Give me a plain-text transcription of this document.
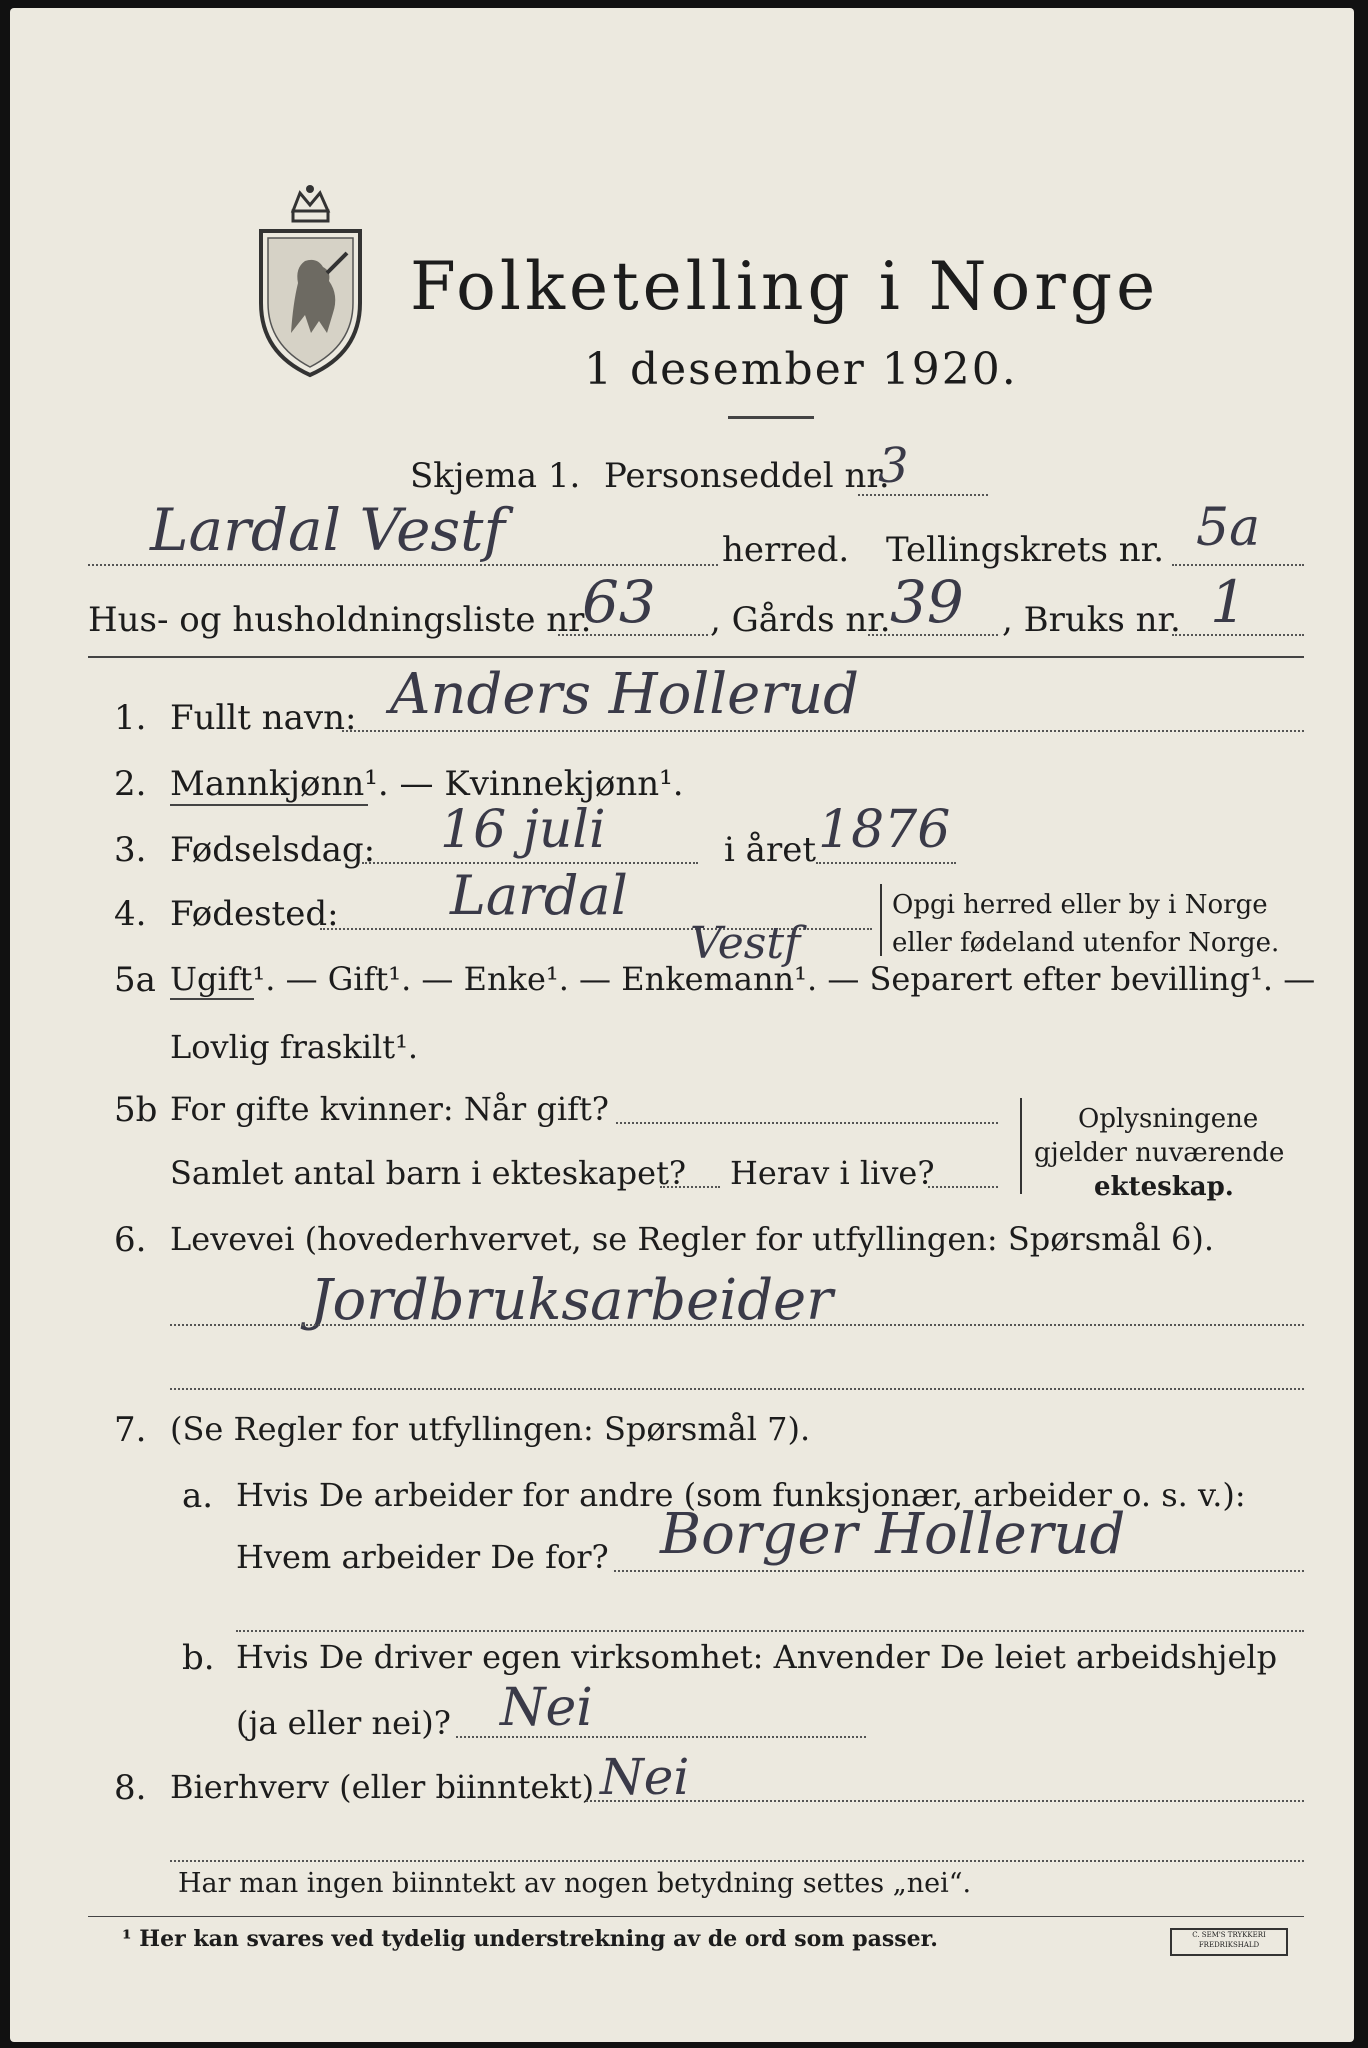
Folketelling i Norge
1 desember 1920.
Skjema 1. Personseddel nr.
3
Lardal Vestf	herred. Tellingskrets nr. 5a
Hus- og husholdningsliste nr.
63 , Gårds nr. 39 , Bruks nr. 1
1. Fullt navn: Anders Hollerud
2. Mannkjønn¹. — Kvinnekjønn¹.
3. Fødselsdag: 16 juli	i året 1876
4. Fødested: Lardal
Vestf
Opgi herred eller by i Norge
eller fødeland utenfor Norge.
5a Ugift¹. — Gift¹. — Enke¹. — Enkemann¹. — Separert efter bevilling¹. —
Lovlig fraskilt¹.
5b For gifte kvinner: Når gift?
Samlet antal barn i ekteskapet? Herav i live?
Oplysningene
gjelder nuværende
ekteskap.
6. Levevei (hovederhvervet, se Regler for utfyllingen: Spørsmål 6).
Jordbruksarbeider
7. (Se Regler for utfyllingen: Spørsmål 7).
a. Hvis De arbeider for andre (som funksjonær, arbeider o. s. v.):
Hvem arbeider De for? Borger Hollerud
b. Hvis De driver egen virksomhet: Anvender De leiet arbeidshjelp
(ja eller nei)? Nei
8. Bierhverv (eller biinntekt) Nei
Har man ingen biinntekt av nogen betydning settes „nei“.
¹ Her kan svares ved tydelig understrekning av de ord som passer.	C. SEM'S TRYKKERI FREDRIKSHALD
